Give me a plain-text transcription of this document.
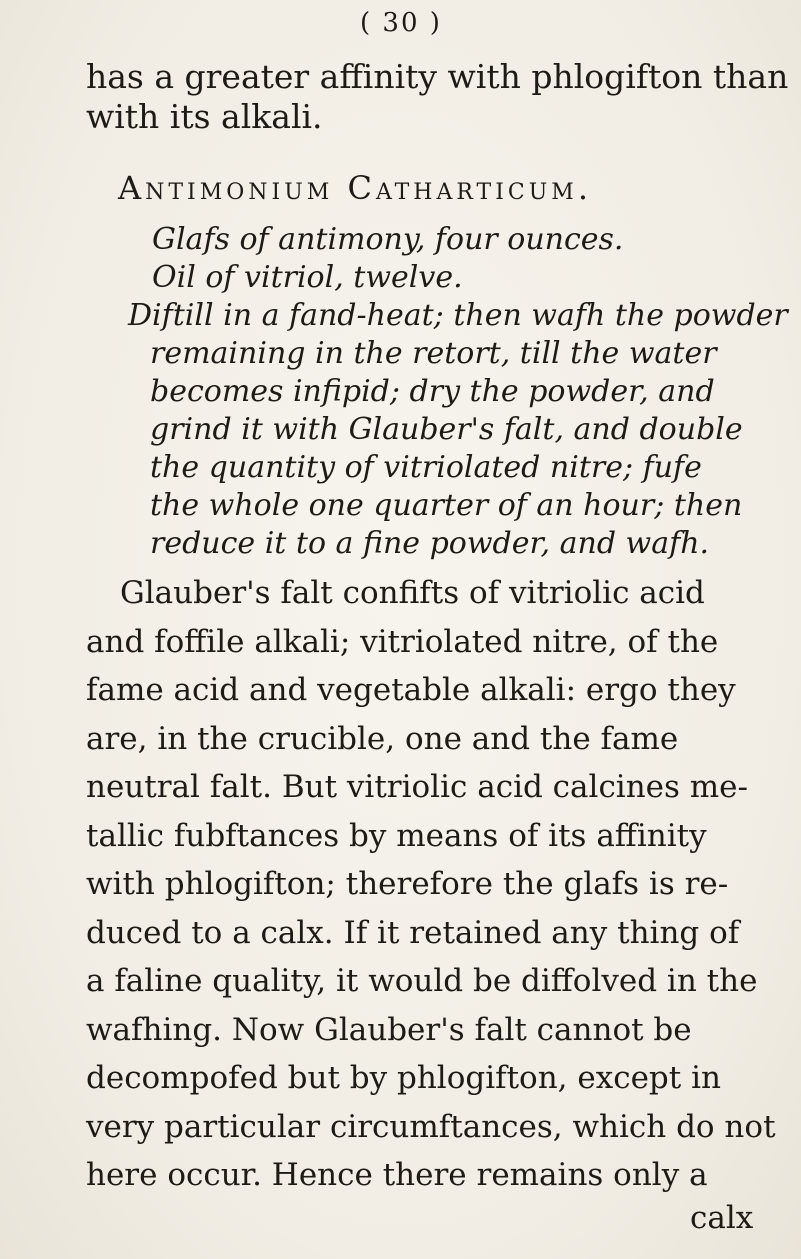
( 30 )
has a greater affinity with phlogifton than
with its alkali.
Antimonium Catharticum.
Glafs of antimony, four ounces.
Oil of vitriol, twelve.
Diftill in a fand-heat; then wafh the powder
remaining in the retort, till the water
becomes infipid; dry the powder, and
grind it with Glauber's falt, and double
the quantity of vitriolated nitre; fufe
the whole one quarter of an hour; then
reduce it to a fine powder, and wafh.
Glauber's falt confifts of vitriolic acid
and foffile alkali; vitriolated nitre, of the
fame acid and vegetable alkali: ergo they
are, in the crucible, one and the fame
neutral falt. But vitriolic acid calcines me-
tallic fubftances by means of its affinity
with phlogifton; therefore the glafs is re-
duced to a calx. If it retained any thing of
a faline quality, it would be diffolved in the
wafhing. Now Glauber's falt cannot be
decompofed but by phlogifton, except in
very particular circumftances, which do not
here occur. Hence there remains only a
calx
